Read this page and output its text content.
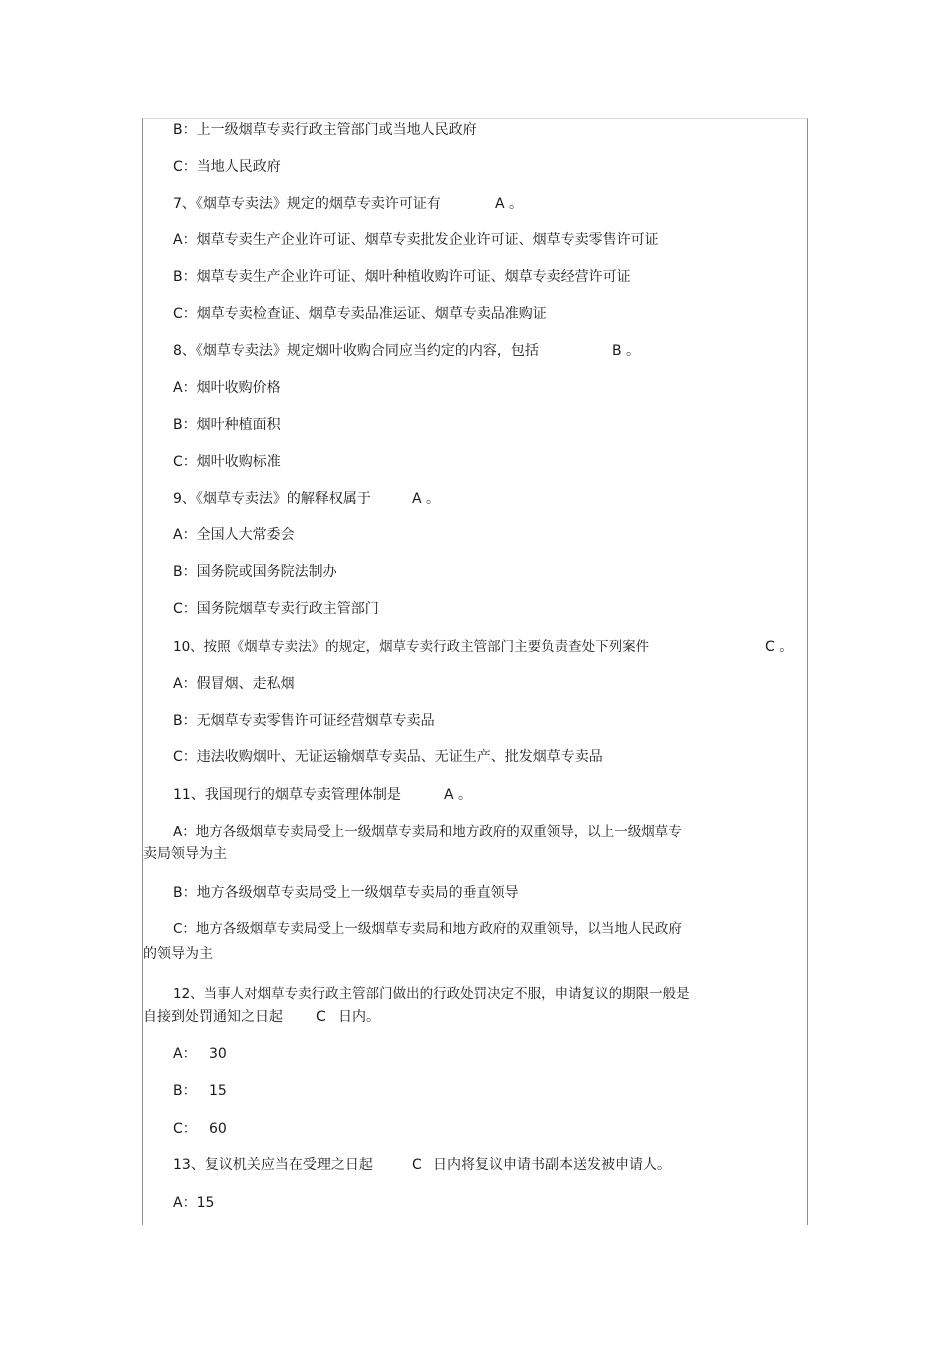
B：上一级烟草专卖行政主管部门或当地人民政府
C：当地人民政府
7、《烟草专卖法》规定的烟草专卖许可证有	A 。
A：烟草专卖生产企业许可证、烟草专卖批发企业许可证、烟草专卖零售许可证
B：烟草专卖生产企业许可证、烟叶种植收购许可证、烟草专卖经营许可证
C：烟草专卖检查证、烟草专卖品准运证、烟草专卖品准购证
8、《烟草专卖法》规定烟叶收购合同应当约定的内容，包括	B 。
A：烟叶收购价格
B：烟叶种植面积
C：烟叶收购标准
9、《烟草专卖法》的解释权属于	A 。
A：全国人大常委会
B：国务院或国务院法制办
C：国务院烟草专卖行政主管部门
10、按照《烟草专卖法》的规定，烟草专卖行政主管部门主要负责查处下列案件	C 。
A：假冒烟、走私烟
B：无烟草专卖零售许可证经营烟草专卖品
C：违法收购烟叶、无证运输烟草专卖品、无证生产、批发烟草专卖品
11、我国现行的烟草专卖管理体制是	A 。
A：地方各级烟草专卖局受上一级烟草专卖局和地方政府的双重领导，以上一级烟草专
卖局领导为主
B：地方各级烟草专卖局受上一级烟草专卖局的垂直领导
C：地方各级烟草专卖局受上一级烟草专卖局和地方政府的双重领导，以当地人民政府
的领导为主
12、当事人对烟草专卖行政主管部门做出的行政处罚决定不服，申请复议的期限一般是
自接到处罚通知之日起 C 日内。
A： 30
B： 15
C： 60
13、复议机关应当在受理之日起	C 日内将复议申请书副本送发被申请人。
A：15
